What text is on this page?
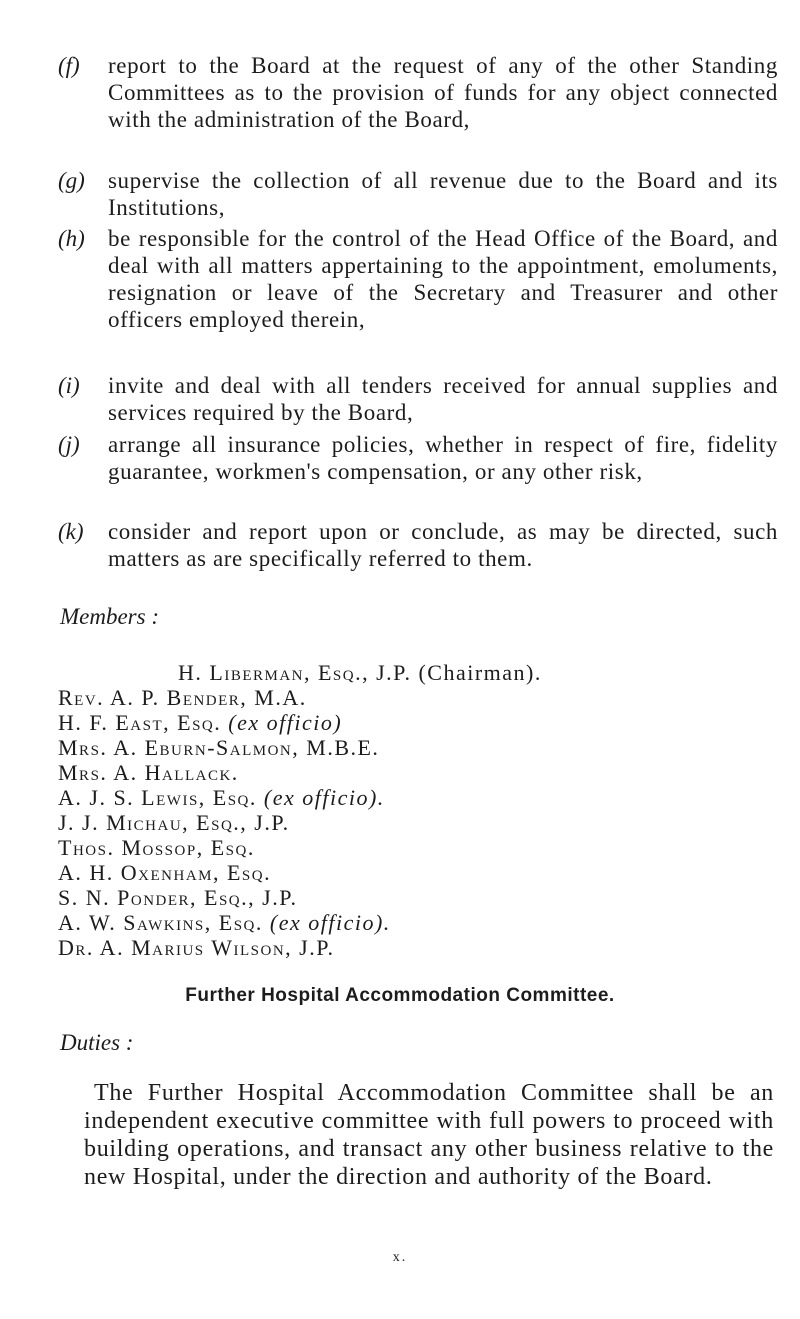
(f) report to the Board at the request of any of the other Standing Committees as to the provision of funds for any object connected with the administration of the Board,
(g) supervise the collection of all revenue due to the Board and its Institutions,
(h) be responsible for the control of the Head Office of the Board, and deal with all matters appertaining to the appointment, emoluments, resignation or leave of the Secretary and Treasurer and other officers employed therein,
(i) invite and deal with all tenders received for annual supplies and services required by the Board,
(j) arrange all insurance policies, whether in respect of fire, fidelity guarantee, workmen's compensation, or any other risk,
(k) consider and report upon or conclude, as may be directed, such matters as are specifically referred to them.
Members :
H. Liberman, Esq., J.P. (Chairman).
Rev. A. P. Bender, M.A.
H. F. East, Esq. (ex officio)
Mrs. A. Eburn-Salmon, M.B.E.
Mrs. A. Hallack.
A. J. S. Lewis, Esq. (ex officio).
J. J. Michau, Esq., J.P.
Thos. Mossop, Esq.
A. H. Oxenham, Esq.
S. N. Ponder, Esq., J.P.
A. W. Sawkins, Esq. (ex officio).
Dr. A. Marius Wilson, J.P.
Further Hospital Accommodation Committee.
Duties :
The Further Hospital Accommodation Committee shall be an independent executive committee with full powers to proceed with building operations, and transact any other business relative to the new Hospital, under the direction and authority of the Board.
x.
